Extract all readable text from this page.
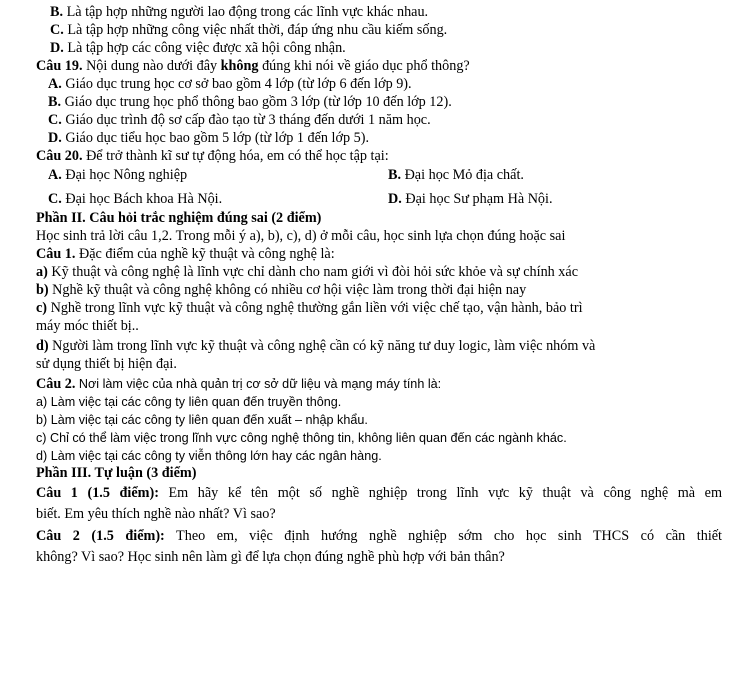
B. Là tập hợp những người lao động trong các lĩnh vực khác nhau.
C. Là tập hợp những công việc nhất thời, đáp ứng nhu cầu kiếm sống.
D. Là tập hợp các công việc được xã hội công nhận.
Câu 19. Nội dung nào dưới đây không đúng khi nói về giáo dục phổ thông?
A. Giáo dục trung học cơ sở bao gồm 4 lớp (từ lớp 6 đến lớp 9).
B. Giáo dục trung học phổ thông bao gồm 3 lớp (từ lớp 10 đến lớp 12).
C. Giáo dục trình độ sơ cấp đào tạo từ 3 tháng đến dưới 1 năm học.
D. Giáo dục tiểu học bao gồm 5 lớp (từ lớp 1 đến lớp 5).
Câu 20. Để trở thành kĩ sư tự động hóa, em có thể học tập tại:
A. Đại học Nông nghiệp	B. Đại học Mỏ địa chất.
C. Đại học Bách khoa Hà Nội.	D. Đại học Sư phạm Hà Nội.
Phần II. Câu hỏi trắc nghiệm đúng sai (2 điểm)
Học sinh trả lời câu 1,2. Trong mỗi ý a), b), c), d) ở mỗi câu, học sinh lựa chọn đúng hoặc sai
Câu 1. Đặc điểm của nghề kỹ thuật và công nghệ là:
a) Kỹ thuật và công nghệ là lĩnh vực chỉ dành cho nam giới vì đòi hỏi sức khỏe và sự chính xác
b) Nghề kỹ thuật và công nghệ không có nhiều cơ hội việc làm trong thời đại hiện nay
c) Nghề trong lĩnh vực kỹ thuật và công nghệ thường gắn liền với việc chế tạo, vận hành, bảo trì
máy móc thiết bị..
d) Người làm trong lĩnh vực kỹ thuật và công nghệ cần có kỹ năng tư duy logic, làm việc nhóm và
sử dụng thiết bị hiện đại.
Câu 2. Nơi làm việc của nhà quản trị cơ sở dữ liệu và mạng máy tính là:
a) Làm việc tại các công ty liên quan đến truyền thông.
b) Làm việc tại các công ty liên quan đến xuất – nhập khẩu.
c) Chỉ có thể làm việc trong lĩnh vực công nghệ thông tin, không liên quan đến các ngành khác.
d) Làm việc tại các công ty viễn thông lớn hay các ngân hàng.
Phần III. Tự luận (3 điểm)
Câu 1 (1.5 điểm): Em hãy kể tên một số nghề nghiệp trong lĩnh vực kỹ thuật và công nghệ mà em
biết. Em yêu thích nghề nào nhất? Vì sao?
Câu 2 (1.5 điểm): Theo em, việc định hướng nghề nghiệp sớm cho học sinh THCS có cần thiết
không? Vì sao? Học sinh nên làm gì để lựa chọn đúng nghề phù hợp với bản thân?
